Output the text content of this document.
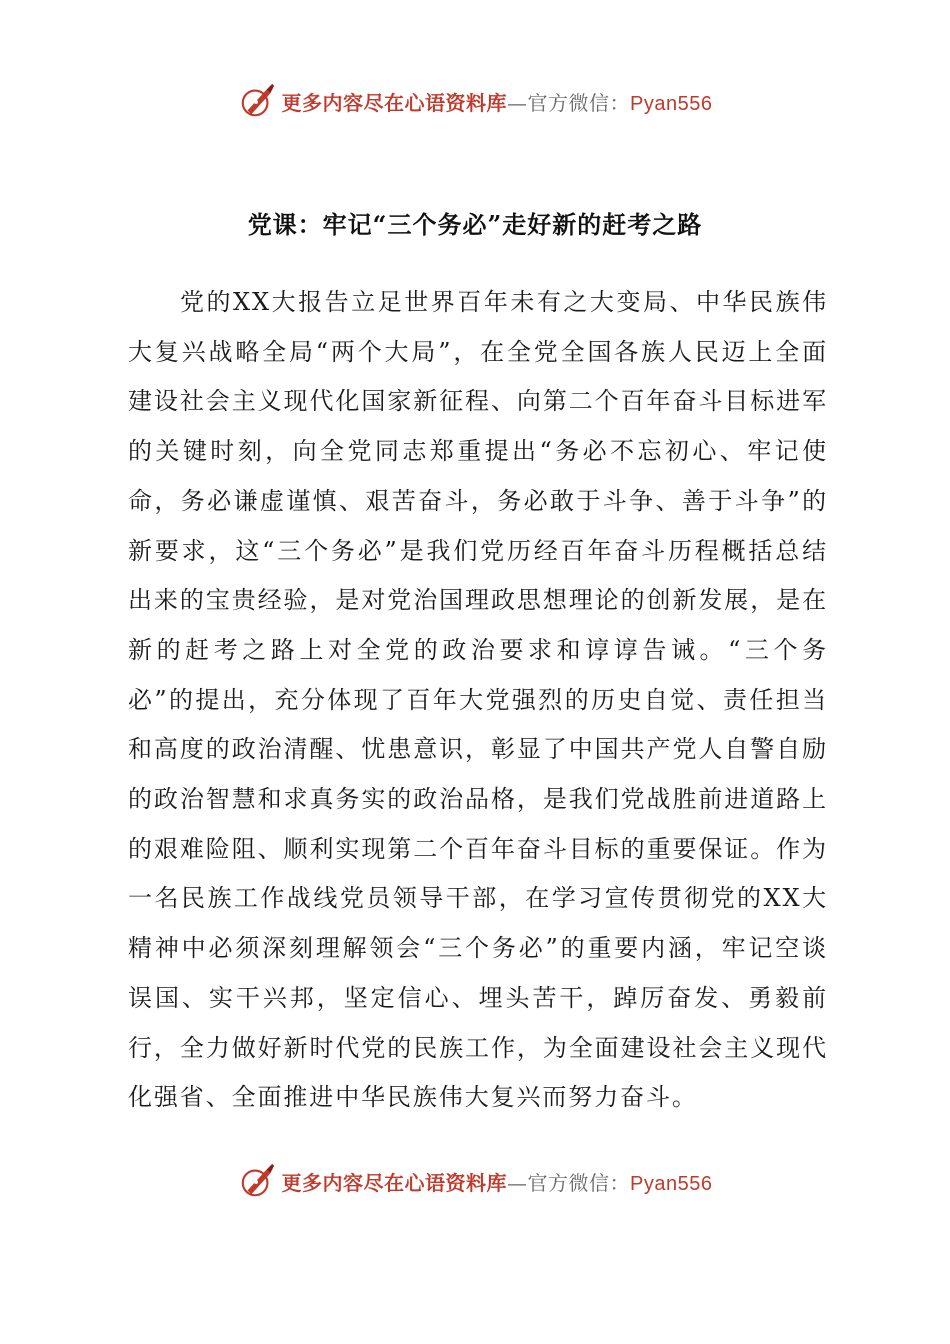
更多内容尽在心语资料库—官方微信：Pyan556
党课：牢记“三个务必”走好新的赶考之路

党的XX大报告立足世界百年未有之大变局、中华民族伟大复兴战略全局“两个大局”，在全党全国各族人民迈上全面建设社会主义现代化国家新征程、向第二个百年奋斗目标进军的关键时刻，向全党同志郑重提出“务必不忘初心、牢记使命，务必谦虚谨慎、艰苦奋斗，务必敢于斗争、善于斗争”的新要求，这“三个务必”是我们党历经百年奋斗历程概括总结出来的宝贵经验，是对党治国理政思想理论的创新发展，是在新的赶考之路上对全党的政治要求和谆谆告诫。“三个务必”的提出，充分体现了百年大党强烈的历史自觉、责任担当和高度的政治清醒、忧患意识，彰显了中国共产党人自警自励的政治智慧和求真务实的政治品格，是我们党战胜前进道路上的艰难险阻、顺利实现第二个百年奋斗目标的重要保证。作为一名民族工作战线党员领导干部，在学习宣传贯彻党的XX大精神中必须深刻理解领会“三个务必”的重要内涵，牢记空谈误国、实干兴邦，坚定信心、埋头苦干，踔厉奋发、勇毅前行，全力做好新时代党的民族工作，为全面建设社会主义现代化强省、全面推进中华民族伟大复兴而努力奋斗。

更多内容尽在心语资料库—官方微信：Pyan556
